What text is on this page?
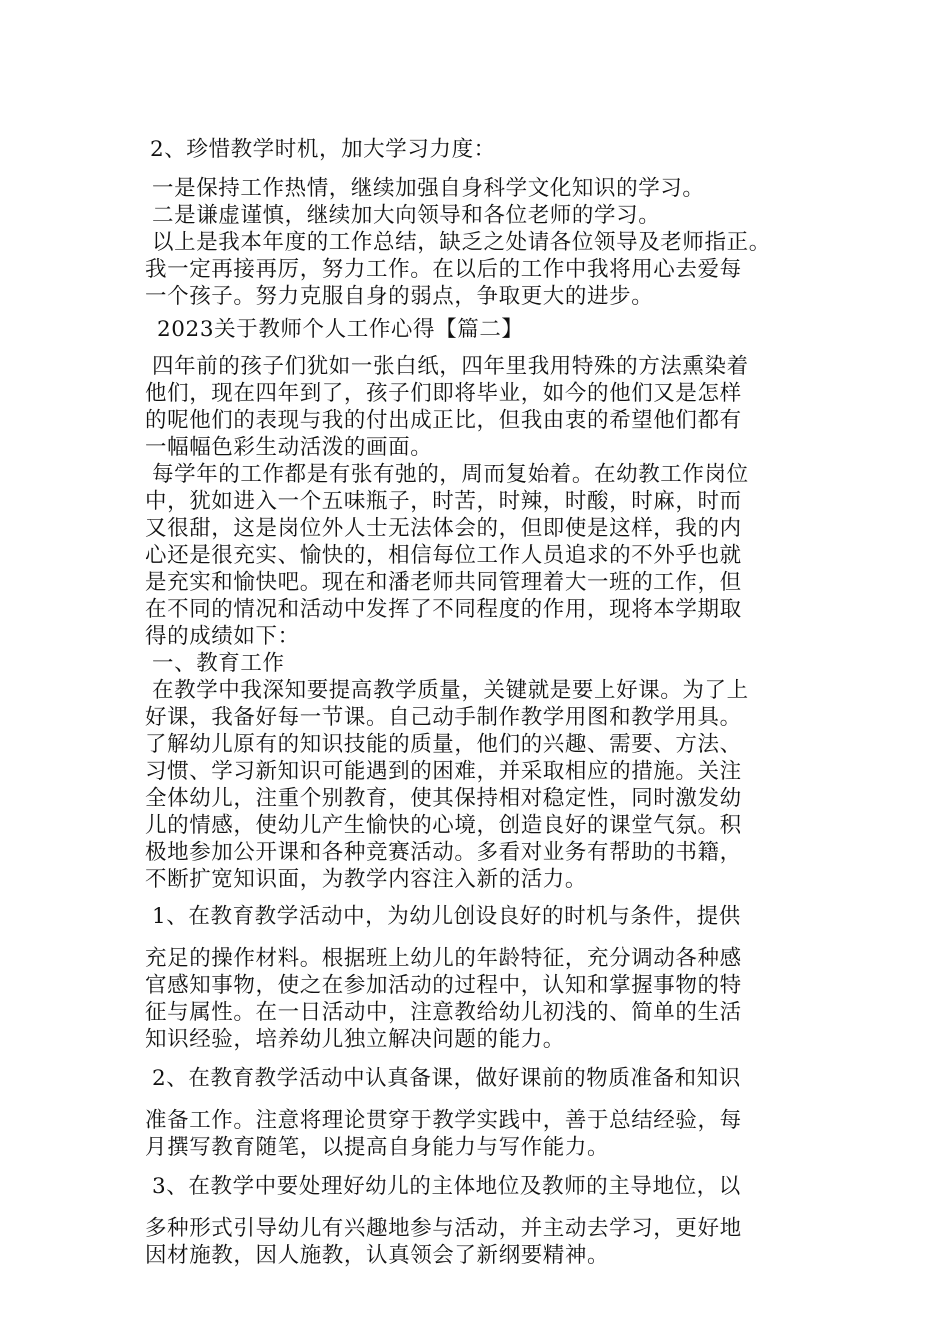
2、珍惜教学时机，加大学习力度：
一是保持工作热情，继续加强自身科学文化知识的学习。
二是谦虚谨慎，继续加大向领导和各位老师的学习。
以上是我本年度的工作总结，缺乏之处请各位领导及老师指正。
我一定再接再厉，努力工作。在以后的工作中我将用心去爱每
一个孩子。努力克服自身的弱点，争取更大的进步。
2023关于教师个人工作心得【篇二】
四年前的孩子们犹如一张白纸，四年里我用特殊的方法熏染着
他们，现在四年到了，孩子们即将毕业，如今的他们又是怎样
的呢他们的表现与我的付出成正比，但我由衷的希望他们都有
一幅幅色彩生动活泼的画面。
每学年的工作都是有张有弛的，周而复始着。在幼教工作岗位
中，犹如进入一个五味瓶子，时苦，时辣，时酸，时麻，时而
又很甜，这是岗位外人士无法体会的，但即使是这样，我的内
心还是很充实、愉快的，相信每位工作人员追求的不外乎也就
是充实和愉快吧。现在和潘老师共同管理着大一班的工作，但
在不同的情况和活动中发挥了不同程度的作用，现将本学期取
得的成绩如下：
一、教育工作
在教学中我深知要提高教学质量，关键就是要上好课。为了上
好课，我备好每一节课。自己动手制作教学用图和教学用具。
了解幼儿原有的知识技能的质量，他们的兴趣、需要、方法、
习惯、学习新知识可能遇到的困难，并采取相应的措施。关注
全体幼儿，注重个别教育，使其保持相对稳定性，同时激发幼
儿的情感，使幼儿产生愉快的心境，创造良好的课堂气氛。积
极地参加公开课和各种竞赛活动。多看对业务有帮助的书籍，
不断扩宽知识面，为教学内容注入新的活力。
1、在教育教学活动中，为幼儿创设良好的时机与条件，提供
充足的操作材料。根据班上幼儿的年龄特征，充分调动各种感
官感知事物，使之在参加活动的过程中，认知和掌握事物的特
征与属性。在一日活动中，注意教给幼儿初浅的、简单的生活
知识经验，培养幼儿独立解决问题的能力。
2、在教育教学活动中认真备课，做好课前的物质准备和知识
准备工作。注意将理论贯穿于教学实践中，善于总结经验，每
月撰写教育随笔，以提高自身能力与写作能力。
3、在教学中要处理好幼儿的主体地位及教师的主导地位，以
多种形式引导幼儿有兴趣地参与活动，并主动去学习，更好地
因材施教，因人施教，认真领会了新纲要精神。
